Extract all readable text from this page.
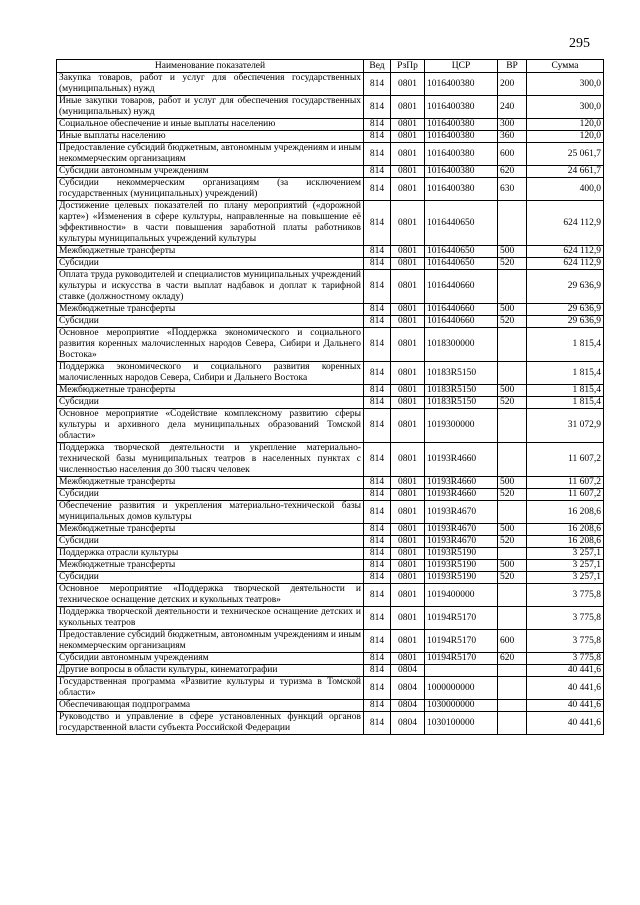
295
Наименование показателей	Вед	РзПр	ЦСР	ВР	Сумма
Закупка товаров, работ и услуг для обеспечения государственных (муниципальных) нужд	814	0801	1016400380	200	300,0
Иные закупки товаров, работ и услуг для обеспечения государственных (муниципальных) нужд	814	0801	1016400380	240	300,0
Социальное обеспечение и иные выплаты населению	814	0801	1016400380	300	120,0
Иные выплаты населению	814	0801	1016400380	360	120,0
Предоставление субсидий бюджетным, автономным учреждениям и иным некоммерческим организациям	814	0801	1016400380	600	25 061,7
Субсидии автономным учреждениям	814	0801	1016400380	620	24 661,7
Субсидии некоммерческим организациям (за исключением государственных (муниципальных) учреждений)	814	0801	1016400380	630	400,0
Достижение целевых показателей по плану мероприятий («дорожной карте») «Изменения в сфере культуры, направленные на повышение её эффективности» в части повышения заработной платы работников культуры муниципальных учреждений культуры	814	0801	1016440650		624 112,9
Межбюджетные трансферты	814	0801	1016440650	500	624 112,9
Субсидии	814	0801	1016440650	520	624 112,9
Оплата труда руководителей и специалистов муниципальных учреждений культуры и искусства в части выплат надбавок и доплат к тарифной ставке (должностному окладу)	814	0801	1016440660		29 636,9
Межбюджетные трансферты	814	0801	1016440660	500	29 636,9
Субсидии	814	0801	1016440660	520	29 636,9
Основное мероприятие «Поддержка экономического и социального развития коренных малочисленных народов Севера, Сибири и Дальнего Востока»	814	0801	1018300000		1 815,4
Поддержка экономического и социального развития коренных малочисленных народов Севера, Сибири и Дальнего Востока	814	0801	10183R5150		1 815,4
Межбюджетные трансферты	814	0801	10183R5150	500	1 815,4
Субсидии	814	0801	10183R5150	520	1 815,4
Основное мероприятие «Содействие комплексному развитию сферы культуры и архивного дела муниципальных образований Томской области»	814	0801	1019300000		31 072,9
Поддержка творческой деятельности и укрепление материально-технической базы муниципальных театров в населенных пунктах с численностью населения до 300 тысяч человек	814	0801	10193R4660		11 607,2
Межбюджетные трансферты	814	0801	10193R4660	500	11 607,2
Субсидии	814	0801	10193R4660	520	11 607,2
Обеспечение развития и укрепления материально-технической базы муниципальных домов культуры	814	0801	10193R4670		16 208,6
Межбюджетные трансферты	814	0801	10193R4670	500	16 208,6
Субсидии	814	0801	10193R4670	520	16 208,6
Поддержка отрасли культуры	814	0801	10193R5190		3 257,1
Межбюджетные трансферты	814	0801	10193R5190	500	3 257,1
Субсидии	814	0801	10193R5190	520	3 257,1
Основное мероприятие «Поддержка творческой деятельности и техническое оснащение детских и кукольных театров»	814	0801	1019400000		3 775,8
Поддержка творческой деятельности и техническое оснащение детских и кукольных театров	814	0801	10194R5170		3 775,8
Предоставление субсидий бюджетным, автономным учреждениям и иным некоммерческим организациям	814	0801	10194R5170	600	3 775,8
Субсидии автономным учреждениям	814	0801	10194R5170	620	3 775,8
Другие вопросы в области культуры, кинематографии	814	0804			40 441,6
Государственная программа «Развитие культуры и туризма в Томской области»	814	0804	1000000000		40 441,6
Обеспечивающая подпрограмма	814	0804	1030000000		40 441,6
Руководство и управление в сфере установленных функций органов государственной власти субъекта Российской Федерации	814	0804	1030100000		40 441,6
